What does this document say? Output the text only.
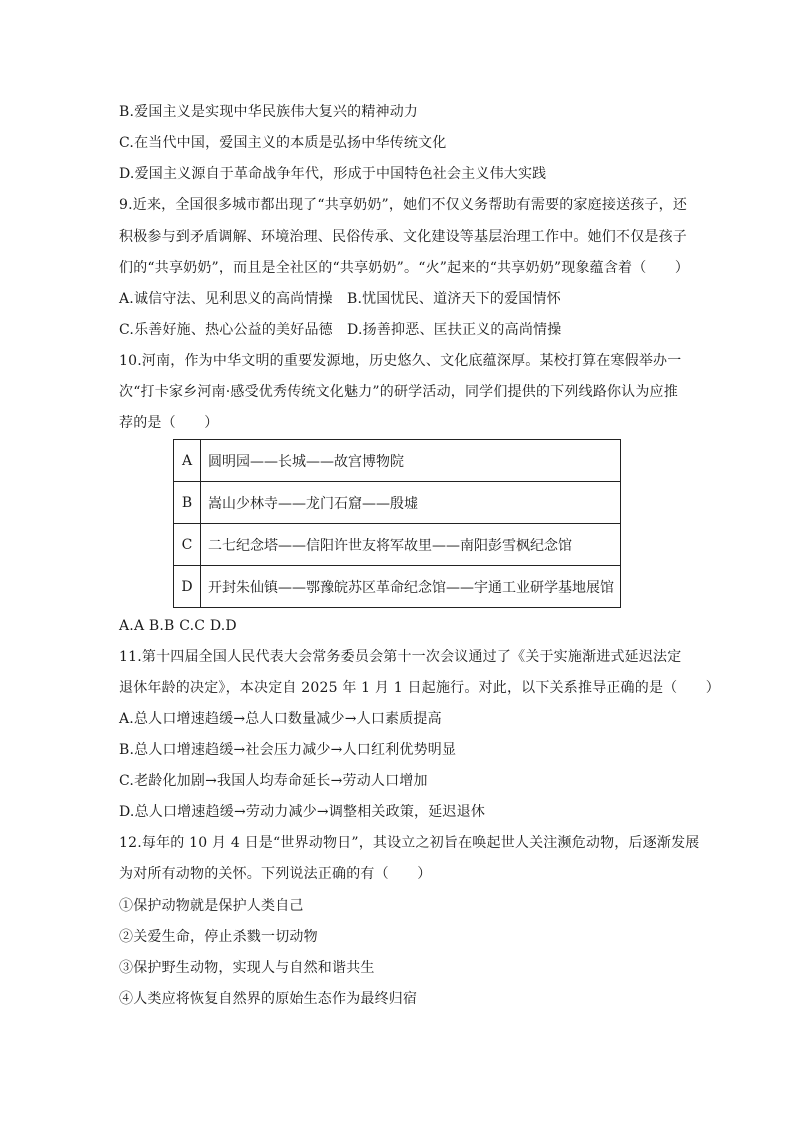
B.爱国主义是实现中华民族伟大复兴的精神动力
C.在当代中国，爱国主义的本质是弘扬中华传统文化
D.爱国主义源自于革命战争年代，形成于中国特色社会主义伟大实践
9.近来，全国很多城市都出现了“共享奶奶”，她们不仅义务帮助有需要的家庭接送孩子，还
积极参与到矛盾调解、环境治理、民俗传承、文化建设等基层治理工作中。她们不仅是孩子
们的“共享奶奶”，而且是全社区的“共享奶奶”。“火”起来的“共享奶奶”现象蕴含着（　　）
A.诚信守法、见利思义的高尚情操　B.忧国忧民、道济天下的爱国情怀
C.乐善好施、热心公益的美好品德　D.扬善抑恶、匡扶正义的高尚情操
10.河南，作为中华文明的重要发源地，历史悠久、文化底蕴深厚。某校打算在寒假举办一
次“打卡家乡河南·感受优秀传统文化魅力”的研学活动，同学们提供的下列线路你认为应推
荐的是（　　）
A	圆明园——长城——故宫博物院
B	嵩山少林寺——龙门石窟——殷墟
C	二七纪念塔——信阳许世友将军故里——南阳彭雪枫纪念馆
D	开封朱仙镇——鄂豫皖苏区革命纪念馆——宇通工业研学基地展馆
A.A B.B C.C D.D
11.第十四届全国人民代表大会常务委员会第十一次会议通过了《关于实施渐进式延迟法定
退休年龄的决定》，本决定自 2025 年 1 月 1 日起施行。对此，以下关系推导正确的是（　　）
A.总人口增速趋缓→总人口数量减少→人口素质提高
B.总人口增速趋缓→社会压力减少→人口红利优势明显
C.老龄化加剧→我国人均寿命延长→劳动人口增加
D.总人口增速趋缓→劳动力减少→调整相关政策，延迟退休
12.每年的 10 月 4 日是“世界动物日”，其设立之初旨在唤起世人关注濒危动物，后逐渐发展
为对所有动物的关怀。下列说法正确的有（　　）
①保护动物就是保护人类自己
②关爱生命，停止杀戮一切动物
③保护野生动物，实现人与自然和谐共生
④人类应将恢复自然界的原始生态作为最终归宿
